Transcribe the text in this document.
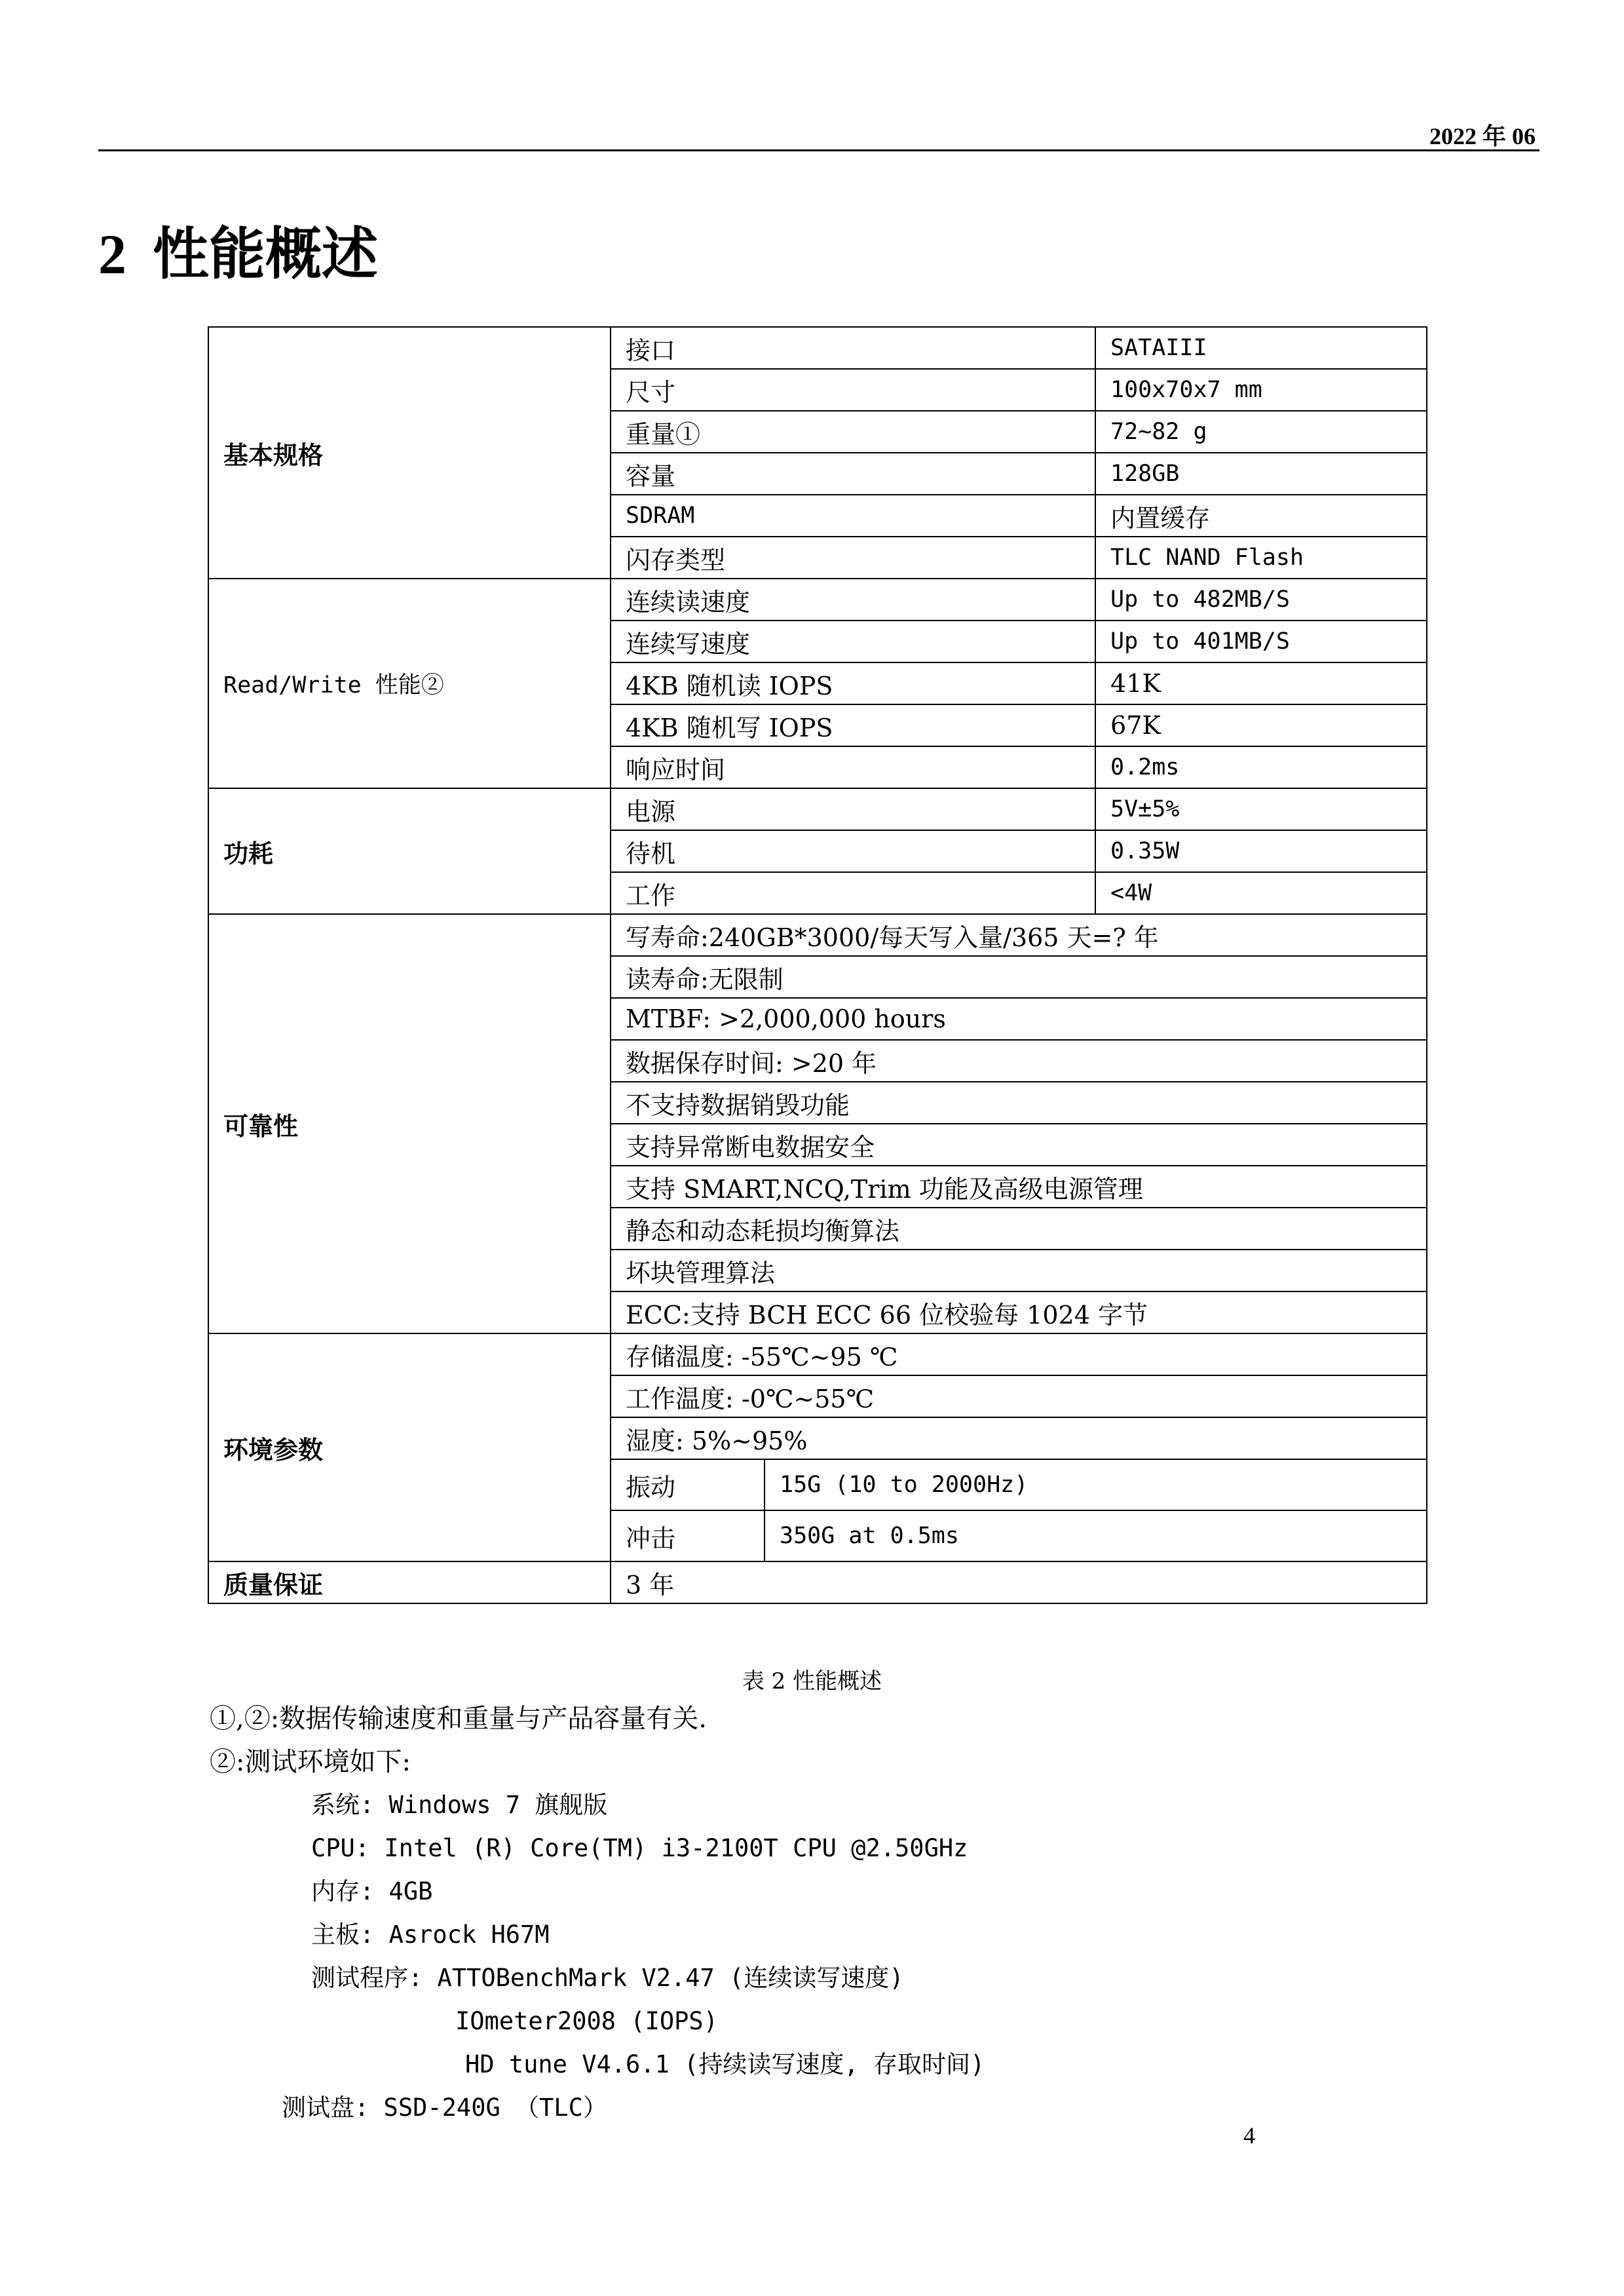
2022 年 06
2 性能概述
基本规格	接口		SATAIII
	尺寸		100x70x7 mm
	重量①		72~82 g
	容量		128GB
	SDRAM		内置缓存
	闪存类型		TLC NAND Flash
Read/Write 性能②	连续读速度		Up to 482MB/S
	连续写速度		Up to 401MB/S
	4KB 随机读 IOPS		41K
	4KB 随机写 IOPS		67K
	响应时间		0.2ms
功耗	电源		5V±5%
	待机		0.35W
	工作		<4W
可靠性	写寿命:240GB*3000/每天写入量/365 天=? 年		
	读寿命:无限制		
	MTBF: >2,000,000 hours		
	数据保存时间: >20 年		
	不支持数据销毁功能		
	支持异常断电数据安全		
	支持 SMART,NCQ,Trim 功能及高级电源管理		
	静态和动态耗损均衡算法		
	坏块管理算法		
	ECC:支持 BCH ECC 66 位校验每 1024 字节		
环境参数	存储温度: -55℃~95 ℃		
	工作温度: -0℃~55℃		
	湿度: 5%~95%		
	振动	15G (10 to 2000Hz)	
	冲击	350G at 0.5ms	
质量保证	3 年		
表 2 性能概述
①,②:数据传输速度和重量与产品容量有关.
②:测试环境如下:
系统: Windows 7 旗舰版
CPU: Intel (R) Core(TM) i3-2100T CPU @2.50GHz
内存: 4GB
主板: Asrock H67M
测试程序: ATTOBenchMark V2.47 (连续读写速度)
IOmeter2008 (IOPS)
HD tune V4.6.1 (持续读写速度, 存取时间)
测试盘: SSD-240G （TLC）
4
